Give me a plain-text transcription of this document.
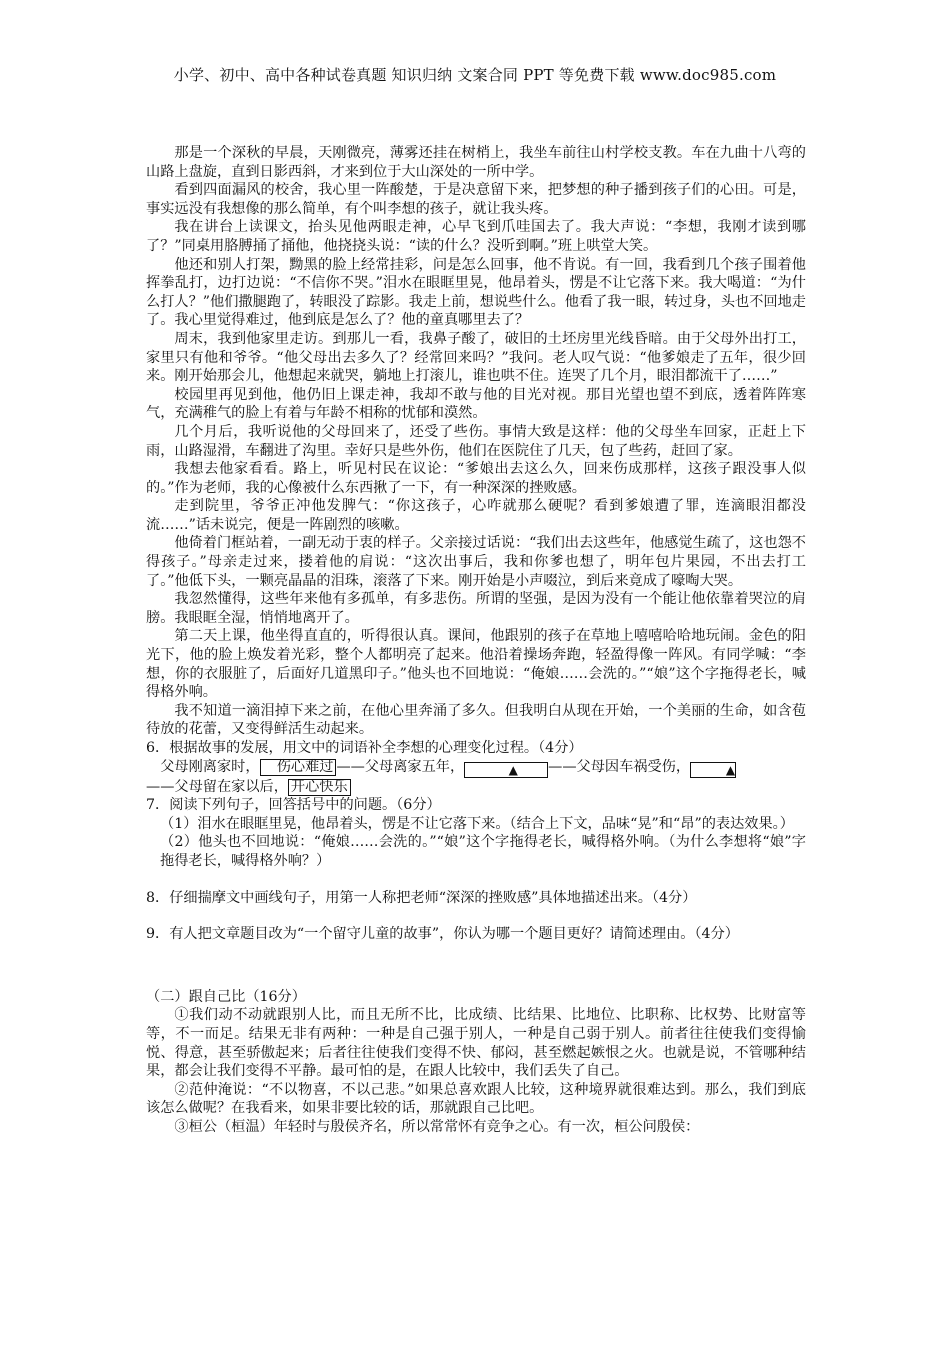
小学、初中、高中各种试卷真题 知识归纳 文案合同 PPT 等免费下载 www.doc985.com

那是一个深秋的早晨，天刚微亮，薄雾还挂在树梢上，我坐车前往山村学校支教。车在九曲十八弯的山路上盘旋，直到日影西斜，才来到位于大山深处的一所中学。

看到四面漏风的校舍，我心里一阵酸楚，于是决意留下来，把梦想的种子播到孩子们的心田。可是，事实远没有我想像的那么简单，有个叫李想的孩子，就让我头疼。

我在讲台上读课文，抬头见他两眼走神，心早飞到爪哇国去了。我大声说：“李想，我刚才读到哪了？”同桌用胳膊捅了捅他，他挠挠头说：“读的什么？没听到啊。”班上哄堂大笑。

他还和别人打架，黝黑的脸上经常挂彩，问是怎么回事，他不肯说。有一回，我看到几个孩子围着他挥拳乱打，边打边说：“不信你不哭。”泪水在眼眶里晃，他昂着头，愣是不让它落下来。我大喝道：“为什么打人？”他们撒腿跑了，转眼没了踪影。我走上前，想说些什么。他看了我一眼，转过身，头也不回地走了。我心里觉得难过，他到底是怎么了？他的童真哪里去了？

周末，我到他家里走访。到那儿一看，我鼻子酸了，破旧的土坯房里光线昏暗。由于父母外出打工，家里只有他和爷爷。“他父母出去多久了？经常回来吗？”我问。老人叹气说：“他爹娘走了五年，很少回来。刚开始那会儿，他想起来就哭，躺地上打滚儿，谁也哄不住。连哭了几个月，眼泪都流干了……”

校园里再见到他，他仍旧上课走神，我却不敢与他的目光对视。那目光望也望不到底，透着阵阵寒气，充满稚气的脸上有着与年龄不相称的忧郁和漠然。

几个月后，我听说他的父母回来了，还受了些伤。事情大致是这样：他的父母坐车回家，正赶上下雨，山路湿滑，车翻进了沟里。幸好只是些外伤，他们在医院住了几天，包了些药，赶回了家。

我想去他家看看。路上，听见村民在议论：“爹娘出去这么久，回来伤成那样，这孩子跟没事人似的。”作为老师，我的心像被什么东西揪了一下，有一种深深的挫败感。

走到院里，爷爷正冲他发脾气：“你这孩子，心咋就那么硬呢？看到爹娘遭了罪，连滴眼泪都没流……”话未说完，便是一阵剧烈的咳嗽。

他倚着门框站着，一副无动于衷的样子。父亲接过话说：“我们出去这些年，他感觉生疏了，这也怨不得孩子。”母亲走过来，搂着他的肩说：“这次出事后，我和你爹也想了，明年包片果园，不出去打工了。”他低下头，一颗亮晶晶的泪珠，滚落了下来。刚开始是小声啜泣，到后来竟成了嚎啕大哭。

我忽然懂得，这些年来他有多孤单，有多悲伤。所谓的坚强，是因为没有一个能让他依靠着哭泣的肩膀。我眼眶全湿，悄悄地离开了。

第二天上课，他坐得直直的，听得很认真。课间，他跟别的孩子在草地上嘻嘻哈哈地玩闹。金色的阳光下，他的脸上焕发着光彩，整个人都明亮了起来。他沿着操场奔跑，轻盈得像一阵风。有同学喊：“李想，你的衣服脏了，后面好几道黑印子。”他头也不回地说：“俺娘……会洗的。”“娘”这个字拖得老长，喊得格外响。

我不知道一滴泪掉下来之前，在他心里奔涌了多久。但我明白从现在开始，一个美丽的生命，如含苞待放的花蕾，又变得鲜活生动起来。

6．根据故事的发展，用文中的词语补全李想的心理变化过程。（4分）

父母刚离家时， 伤心难过 ——父母离家五年，	▲ ——父母因车祸受伤，	▲

——父母留在家以后， 开心快乐

7．阅读下列句子，回答括号中的问题。（6分）

（1）泪水在眼眶里晃，他昂着头，愣是不让它落下来。（结合上下文，品味“晃”和“昂”的表达效果。）

（2）他头也不回地说：“俺娘……会洗的。”“娘”这个字拖得老长，喊得格外响。（为什么李想将“娘”字拖得老长，喊得格外响？）

8．仔细揣摩文中画线句子，用第一人称把老师“深深的挫败感”具体地描述出来。（4分）

9．有人把文章题目改为“一个留守儿童的故事”，你认为哪一个题目更好？请简述理由。（4分）

（二）跟自己比（16分）

①我们动不动就跟别人比，而且无所不比，比成绩、比结果、比地位、比职称、比权势、比财富等等，不一而足。结果无非有两种：一种是自己强于别人，一种是自己弱于别人。前者往往使我们变得愉悦、得意，甚至骄傲起来；后者往往使我们变得不快、郁闷，甚至燃起嫉恨之火。也就是说，不管哪种结果，都会让我们变得不平静。最可怕的是，在跟人比较中，我们丢失了自己。

②范仲淹说：“不以物喜，不以己悲。”如果总喜欢跟人比较，这种境界就很难达到。那么，我们到底该怎么做呢？在我看来，如果非要比较的话，那就跟自己比吧。

③桓公（桓温）年轻时与殷侯齐名，所以常常怀有竞争之心。有一次，桓公问殷侯：
